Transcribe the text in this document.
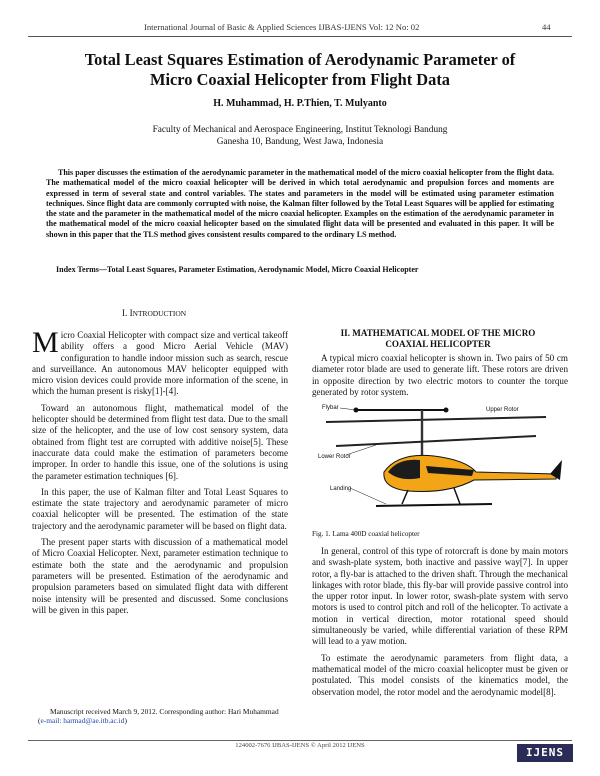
International Journal of Basic & Applied Sciences IJBAS-IJENS Vol: 12 No: 02	44
Total Least Squares Estimation of Aerodynamic Parameter of
Micro Coaxial Helicopter from Flight Data
H. Muhammad, H. P.Thien, T. Mulyanto
Faculty of Mechanical and Aerospace Engineering, Institut Teknologi Bandung
Ganesha 10, Bandung, West Jawa, Indonesia

This paper discusses the estimation of the aerodynamic parameter in the mathematical model of the micro coaxial helicopter from the flight data. The mathematical model of the micro coaxial helicopter will be derived in which total aerodynamic and propulsion forces and moments are expressed in term of several state and control variables. The states and parameters in the model will be estimated using parameter estimation techniques. Since flight data are commonly corrupted with noise, the Kalman filter followed by the Total Least Squares will be applied for estimating the state and the parameter in the mathematical model of the micro coaxial helicopter. Examples on the estimation of the aerodynamic parameter in the mathematical model of the micro coaxial helicopter based on the simulated flight data will be presented and evaluated in this paper. It will be shown in this paper that the TLS method gives consistent results compared to the ordinary LS method.

Index Terms—Total Least Squares, Parameter Estimation, Aerodynamic Model, Micro Coaxial Helicopter

I. INTRODUCTION

Micro Coaxial Helicopter with compact size and vertical takeoff ability offers a good Micro Aerial Vehicle (MAV) configuration to handle indoor mission such as search, rescue and surveillance. An autonomous MAV helicopter equipped with micro vision devices could provide more information of the scene, in which the human present is risky[1]-[4].

Toward an autonomous flight, mathematical model of the helicopter should be determined from flight test data. Due to the small size of the helicopter, and the use of low cost sensory system, data obtained from flight test are corrupted with additive noise[5]. These inaccurate data could make the estimation of parameters become improper. In order to handle this issue, one of the solutions is using the parameter estimation techniques [6].

In this paper, the use of Kalman filter and Total Least Squares to estimate the state trajectory and aerodynamic parameter of micro coaxial helicopter will be presented. The estimation of the state trajectory and the aerodynamic parameter will be based on flight data.

The present paper starts with discussion of a mathematical model of Micro Coaxial Helicopter. Next, parameter estimation technique to estimate both the state and the aerodynamic and propulsion parameters will be presented. Estimation of the aerodynamic and propulsion parameters based on simulated flight data with different noise intensity will be presented and discussed. Some conclusions will be given in this paper.

Manuscript received March 9, 2012. Corresponding author: Hari Muhammad (e-mail: harmad@ae.itb.ac.id)
II. MATHEMATICAL MODEL OF THE MICRO
COAXIAL HELICOPTER

A typical micro coaxial helicopter is shown in. Two pairs of 50 cm diameter rotor blade are used to generate lift. These rotors are driven in opposite direction by two electric motors to counter the torque generated by rotor system.

Flybar	Upper Rotor
Lower Rotor
Landing
Fig. 1. Lama 400D coaxial helicopter

In general, control of this type of rotorcraft is done by main motors and swash-plate system, both inactive and passive way[7]. In upper rotor, a fly-bar is attached to the driven shaft. Through the mechanical linkages with rotor blade, this fly-bar will provide passive control into the upper rotor input. In lower rotor, swash-plate system with servo motors is used to control pitch and roll of the helicopter. To activate a motion in vertical direction, motor rotational speed should simultaneously be varied, while differential variation of these RPM will lead to a yaw motion.

To estimate the aerodynamic parameters from flight data, a mathematical model of the micro coaxial helicopter must be given or postulated. This model consists of the kinematics model, the observation model, the rotor model and the aerodynamic model[8].

124002-7676 IJBAS-IJENS © April 2012 IJENS
IJENS
